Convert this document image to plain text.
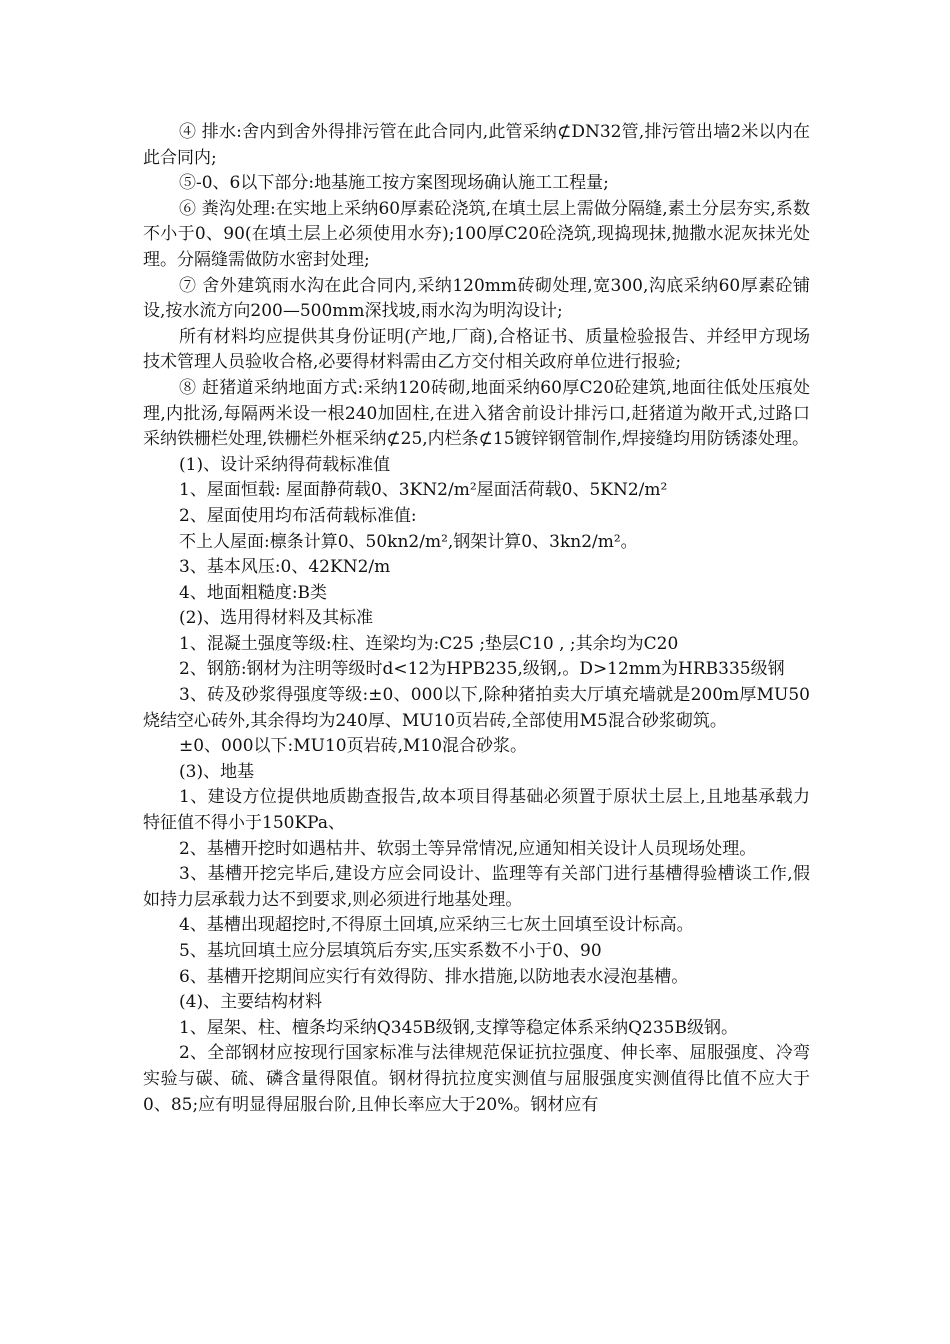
④ 排水:舍内到舍外得排污管在此合同内,此管采纳⊄DN32管,排污管出墙2米以内在此合同内;

⑤-0、6以下部分:地基施工按方案图现场确认施工工程量;

⑥ 粪沟处理:在实地上采纳60厚素砼浇筑,在填土层上需做分隔缝,素土分层夯实,系数不小于0、90(在填土层上必须使用水夯);100厚C20砼浇筑,现捣现抹,抛撒水泥灰抹光处理。分隔缝需做防水密封处理;

⑦ 舍外建筑雨水沟在此合同内,采纳120mm砖砌处理,宽300,沟底采纳60厚素砼铺设,按水流方向200—500mm深找坡,雨水沟为明沟设计;

所有材料均应提供其身份证明(产地,厂商),合格证书、质量检验报告、并经甲方现场技术管理人员验收合格,必要得材料需由乙方交付相关政府单位进行报验;

⑧ 赶猪道采纳地面方式:采纳120砖砌,地面采纳60厚C20砼建筑,地面往低处压痕处理,内批汤,每隔两米设一根240加固柱,在进入猪舍前设计排污口,赶猪道为敞开式,过路口采纳铁栅栏处理,铁栅栏外框采纳⊄25,内栏条⊄15镀锌钢管制作,焊接缝均用防锈漆处理。

(1)、设计采纳得荷载标准值

1、屋面恒载: 屋面静荷载0、3KN2/m²屋面活荷载0、5KN2/m²

2、屋面使用均布活荷载标准值:

不上人屋面:檩条计算0、50kn2/m²,钢架计算0、3kn2/m²。

3、基本风压:0、42KN2/m

4、地面粗糙度:B类

(2)、选用得材料及其标准

1、混凝土强度等级:柱、连梁均为:C25 ;垫层C10 , ;其余均为C20

2、钢筋:钢材为注明等级时d<12为HPB235,级钢,。D>12mm为HRB335级钢

3、砖及砂浆得强度等级:±0、000以下,除种猪拍卖大厅填充墙就是200m厚MU50烧结空心砖外,其余得均为240厚、MU10页岩砖,全部使用M5混合砂浆砌筑。

±0、000以下:MU10页岩砖,M10混合砂浆。

(3)、地基

1、建设方位提供地质勘查报告,故本项目得基础必须置于原状土层上,且地基承载力特征值不得小于150KPa、

2、基槽开挖时如遇枯井、软弱土等异常情况,应通知相关设计人员现场处理。

3、基槽开挖完毕后,建设方应会同设计、监理等有关部门进行基槽得验槽谈工作,假如持力层承载力达不到要求,则必须进行地基处理。

4、基槽出现超挖时,不得原土回填,应采纳三七灰土回填至设计标高。

5、基坑回填土应分层填筑后夯实,压实系数不小于0、90

6、基槽开挖期间应实行有效得防、排水措施,以防地表水浸泡基槽。

(4)、主要结构材料

1、屋架、柱、檀条均采纳Q345B级钢,支撑等稳定体系采纳Q235B级钢。

2、全部钢材应按现行国家标准与法律规范保证抗拉强度、伸长率、屈服强度、冷弯实验与碳、硫、磷含量得限值。钢材得抗拉度实测值与屈服强度实测值得比值不应大于0、85;应有明显得屈服台阶,且伸长率应大于20%。钢材应有
